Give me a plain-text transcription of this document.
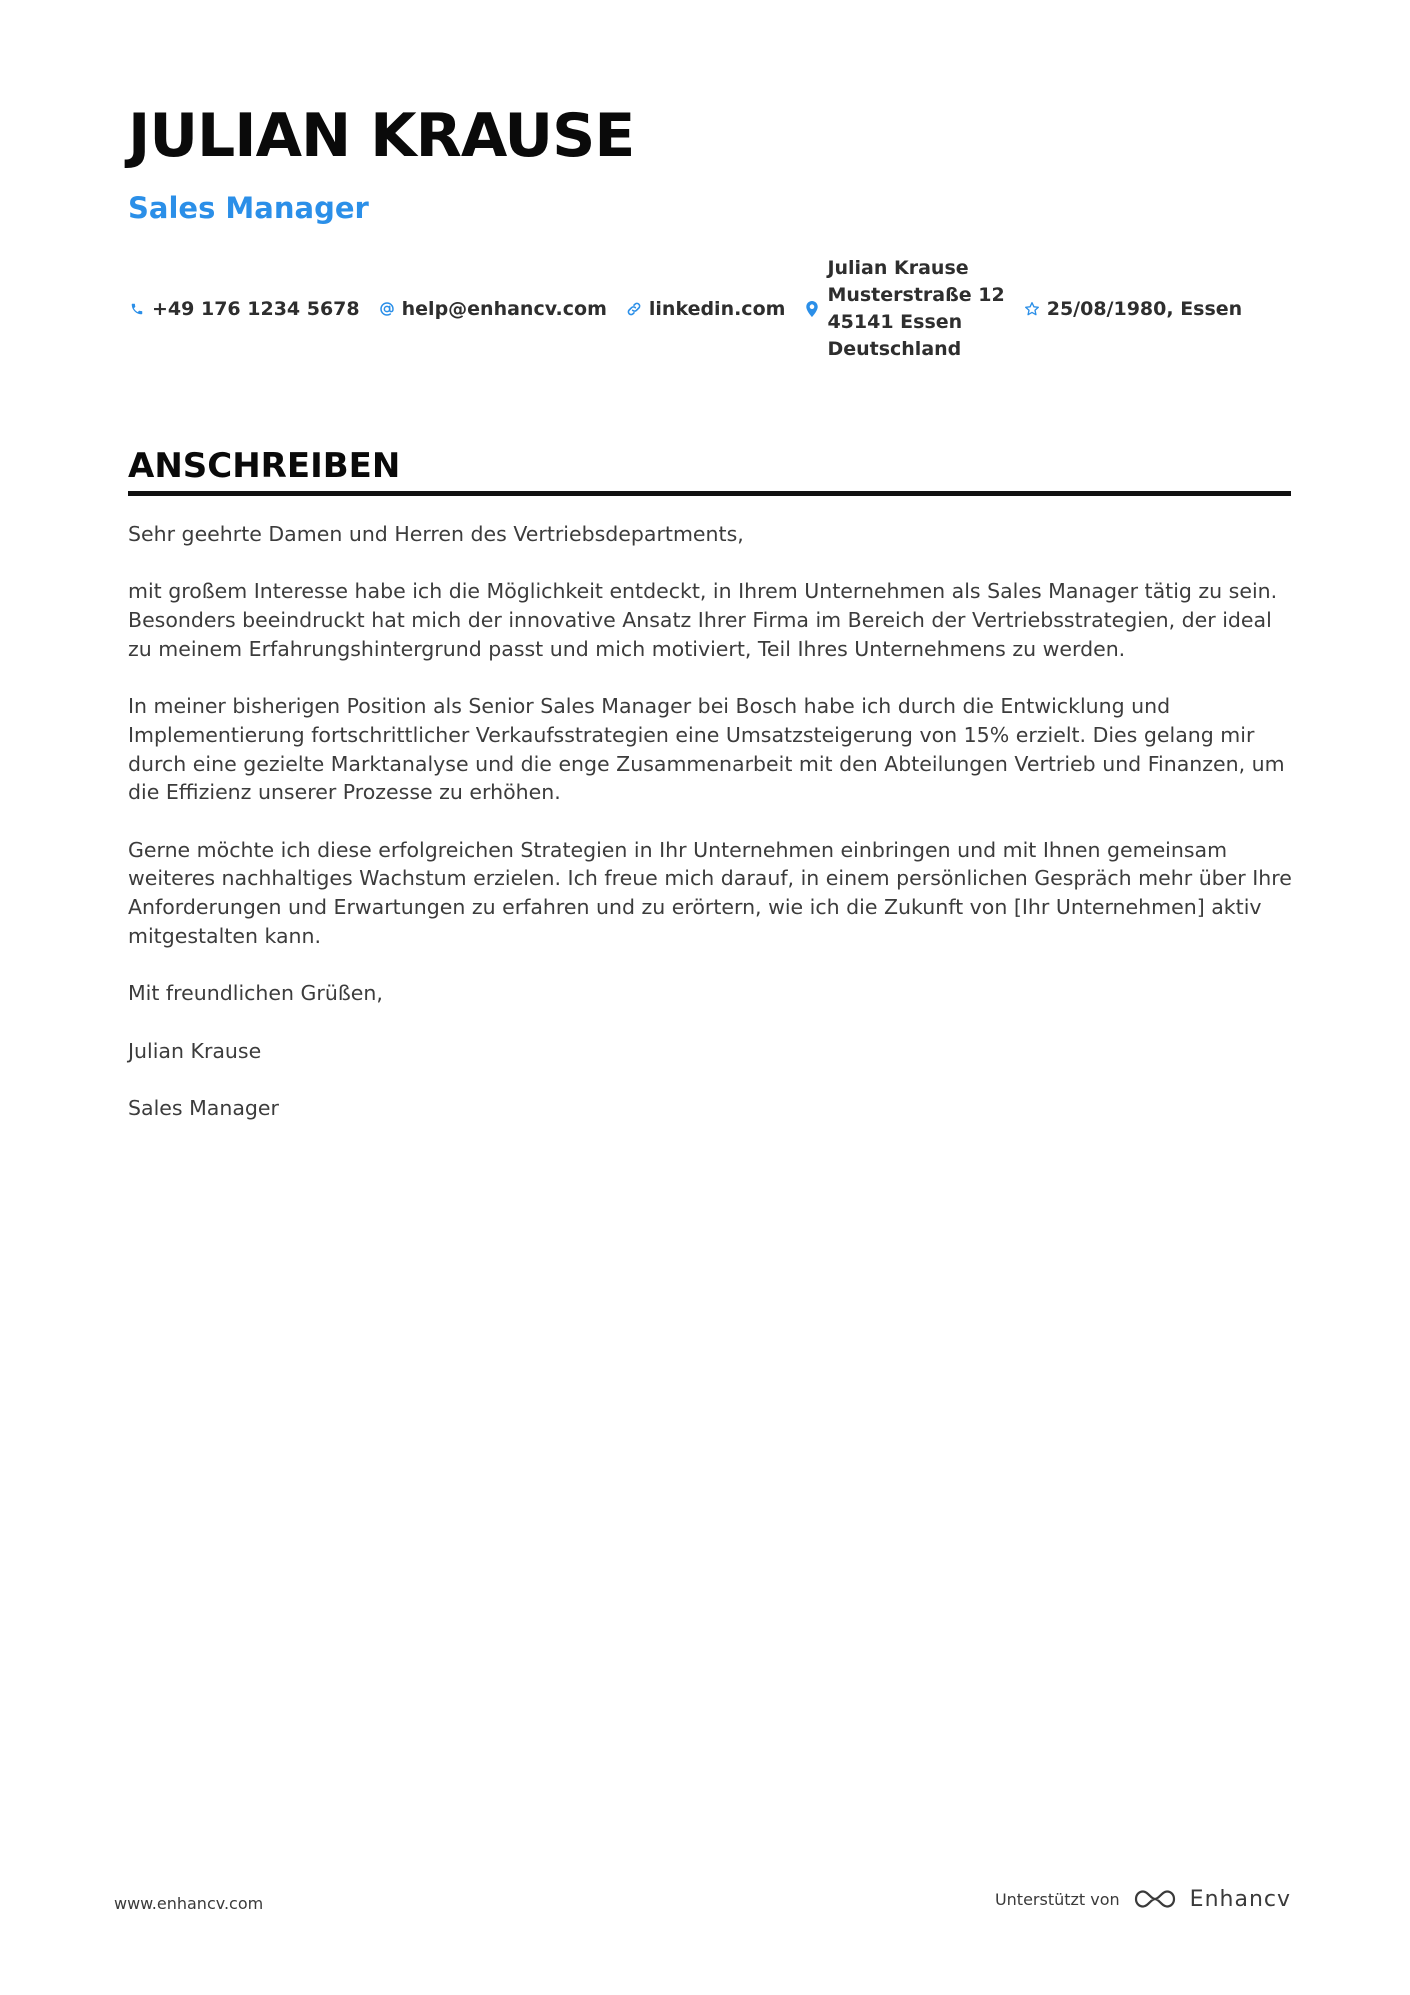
JULIAN KRAUSE
Sales Manager
+49 176 1234 5678 help@enhancv.com linkedin.com
Julian Krause
Musterstraße 12
45141 Essen
Deutschland
25/08/1980, Essen
ANSCHREIBEN

Sehr geehrte Damen und Herren des Vertriebsdepartments,

mit großem Interesse habe ich die Möglichkeit entdeckt, in Ihrem Unternehmen als Sales Manager tätig zu sein. Besonders beeindruckt hat mich der innovative Ansatz Ihrer Firma im Bereich der Vertriebsstrategien, der ideal zu meinem Erfahrungshintergrund passt und mich motiviert, Teil Ihres Unternehmens zu werden.

In meiner bisherigen Position als Senior Sales Manager bei Bosch habe ich durch die Entwicklung und Implementierung fortschrittlicher Verkaufsstrategien eine Umsatzsteigerung von 15% erzielt. Dies gelang mir durch eine gezielte Marktanalyse und die enge Zusammenarbeit mit den Abteilungen Vertrieb und Finanzen, um die Effizienz unserer Prozesse zu erhöhen.

Gerne möchte ich diese erfolgreichen Strategien in Ihr Unternehmen einbringen und mit Ihnen gemeinsam weiteres nachhaltiges Wachstum erzielen. Ich freue mich darauf, in einem persönlichen Gespräch mehr über Ihre Anforderungen und Erwartungen zu erfahren und zu erörtern, wie ich die Zukunft von [Ihr Unternehmen] aktiv mitgestalten kann.

Mit freundlichen Grüßen,

Julian Krause

Sales Manager

www.enhancv.com	Unterstützt von	Enhancv
